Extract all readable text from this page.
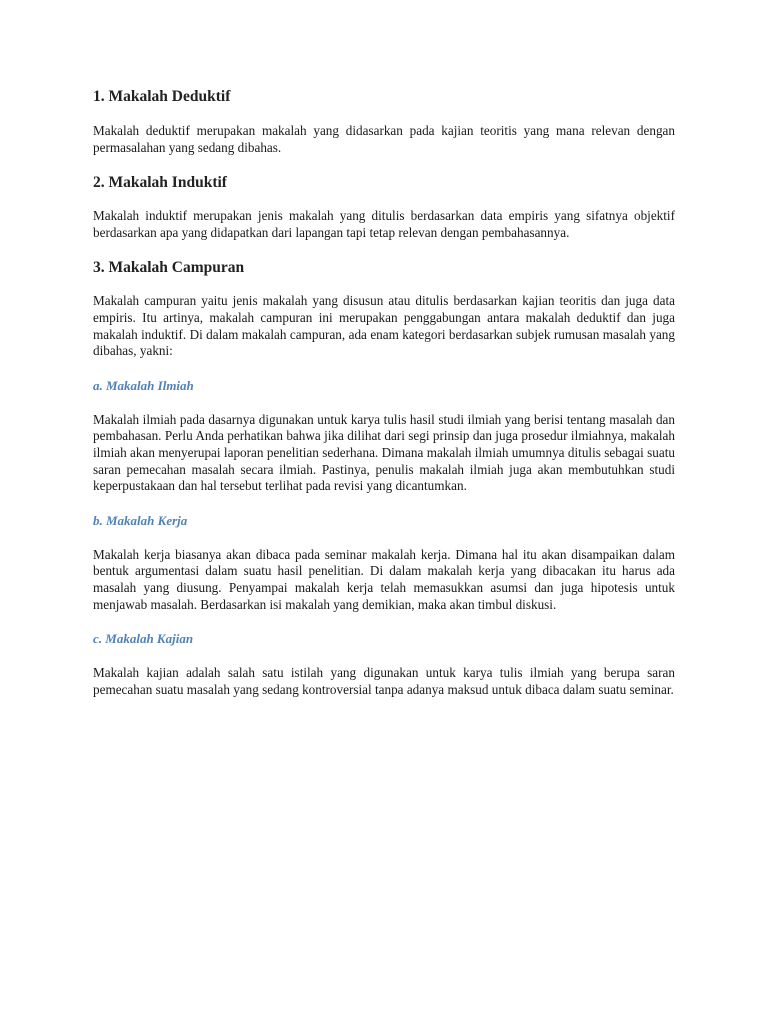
1. Makalah Deduktif

Makalah deduktif merupakan makalah yang didasarkan pada kajian teoritis yang mana relevan dengan permasalahan yang sedang dibahas.

2. Makalah Induktif

Makalah induktif merupakan jenis makalah yang ditulis berdasarkan data empiris yang sifatnya objektif berdasarkan apa yang didapatkan dari lapangan tapi tetap relevan dengan pembahasannya.

3. Makalah Campuran

Makalah campuran yaitu jenis makalah yang disusun atau ditulis berdasarkan kajian teoritis dan juga data empiris. Itu artinya, makalah campuran ini merupakan penggabungan antara makalah deduktif dan juga makalah induktif. Di dalam makalah campuran, ada enam kategori berdasarkan subjek rumusan masalah yang dibahas, yakni:

a. Makalah Ilmiah

Makalah ilmiah pada dasarnya digunakan untuk karya tulis hasil studi ilmiah yang berisi tentang masalah dan pembahasan. Perlu Anda perhatikan bahwa jika dilihat dari segi prinsip dan juga prosedur ilmiahnya, makalah ilmiah akan menyerupai laporan penelitian sederhana. Dimana makalah ilmiah umumnya ditulis sebagai suatu saran pemecahan masalah secara ilmiah. Pastinya, penulis makalah ilmiah juga akan membutuhkan studi keperpustakaan dan hal tersebut terlihat pada revisi yang dicantumkan.

b. Makalah Kerja

Makalah kerja biasanya akan dibaca pada seminar makalah kerja. Dimana hal itu akan disampaikan dalam bentuk argumentasi dalam suatu hasil penelitian. Di dalam makalah kerja yang dibacakan itu harus ada masalah yang diusung. Penyampai makalah kerja telah memasukkan asumsi dan juga hipotesis untuk menjawab masalah. Berdasarkan isi makalah yang demikian, maka akan timbul diskusi.

c. Makalah Kajian

Makalah kajian adalah salah satu istilah yang digunakan untuk karya tulis ilmiah yang berupa saran pemecahan suatu masalah yang sedang kontroversial tanpa adanya maksud untuk dibaca dalam suatu seminar.
